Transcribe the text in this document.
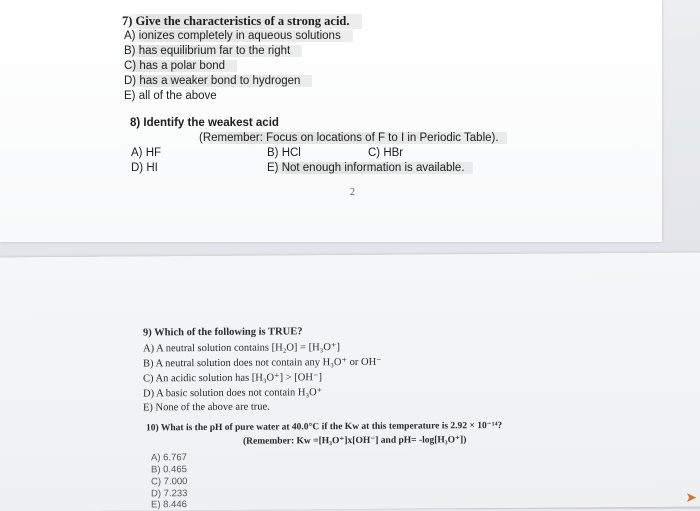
7) Give the characteristics of a strong acid.
A) ionizes completely in aqueous solutions
B) has equilibrium far to the right
C) has a polar bond
D) has a weaker bond to hydrogen
E) all of the above
8) Identify the weakest acid
(Remember: Focus on locations of F to I in Periodic Table).
A) HF	B) HCl	C) HBr
D) HI	E) Not enough information is available.
2
9) Which of the following is TRUE?
A) A neutral solution contains [H₂O] = [H₃O⁺]
B) A neutral solution does not contain any H₃O⁺ or OH⁻
C) An acidic solution has [H₃O⁺] > [OH⁻]
D) A basic solution does not contain H₃O⁺
E) None of the above are true.
10) What is the pH of pure water at 40.0°C if the Kw at this temperature is 2.92 × 10⁻¹⁴?
(Remember: Kw =[H₃O⁺]x[OH⁻] and pH= -log[H₃O⁺])
A) 6.767
B) 0.465
C) 7.000
D) 7.233
E) 8.446	➤
